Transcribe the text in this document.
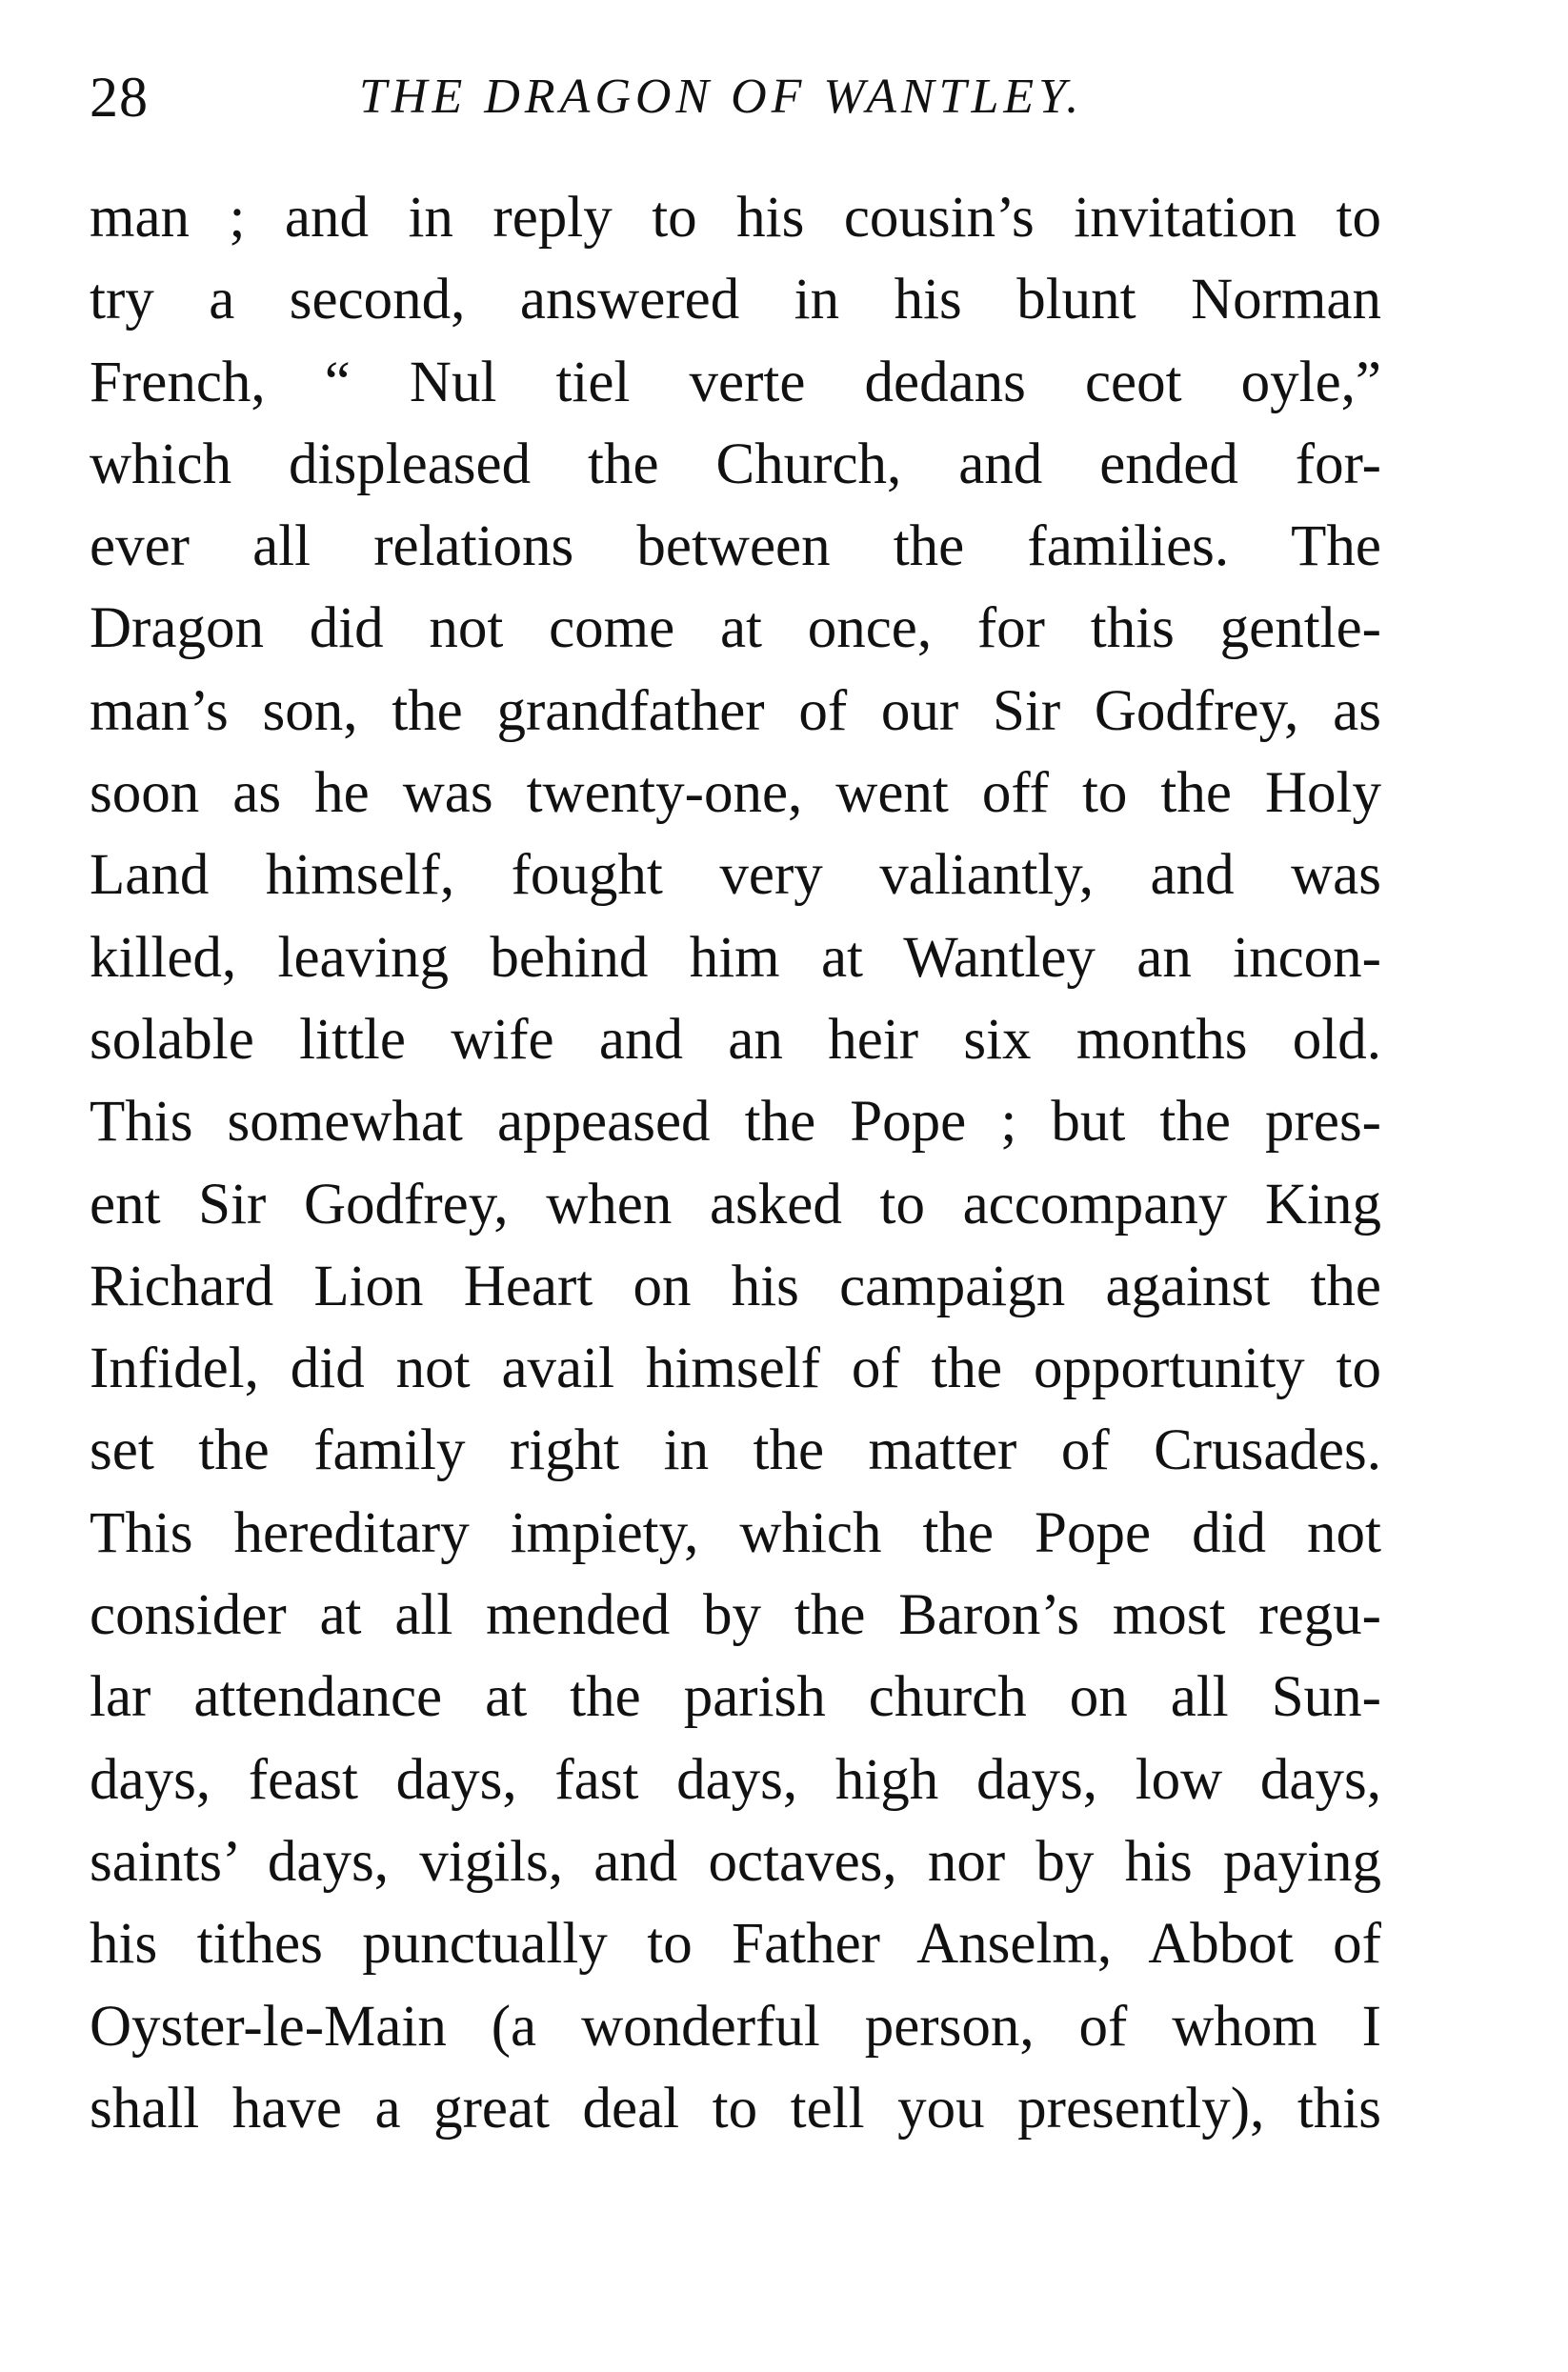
28	THE DRAGON OF WANTLEY.
man ; and in reply to his cousin’s invitation to
try a second, answered in his blunt Norman
French, “ Nul tiel verte dedans ceot oyle,”
which displeased the Church, and ended for-
ever all relations between the families. The
Dragon did not come at once, for this gentle-
man’s son, the grandfather of our Sir Godfrey, as
soon as he was twenty-one, went off to the Holy
Land himself, fought very valiantly, and was
killed, leaving behind him at Wantley an incon-
solable little wife and an heir six months old.
This somewhat appeased the Pope ; but the pres-
ent Sir Godfrey, when asked to accompany King
Richard Lion Heart on his campaign against the
Infidel, did not avail himself of the opportunity to
set the family right in the matter of Crusades.
This hereditary impiety, which the Pope did not
consider at all mended by the Baron’s most regu-
lar attendance at the parish church on all Sun-
days, feast days, fast days, high days, low days,
saints’ days, vigils, and octaves, nor by his paying
his tithes punctually to Father Anselm, Abbot of
Oyster-le-Main (a wonderful person, of whom I
shall have a great deal to tell you presently), this
